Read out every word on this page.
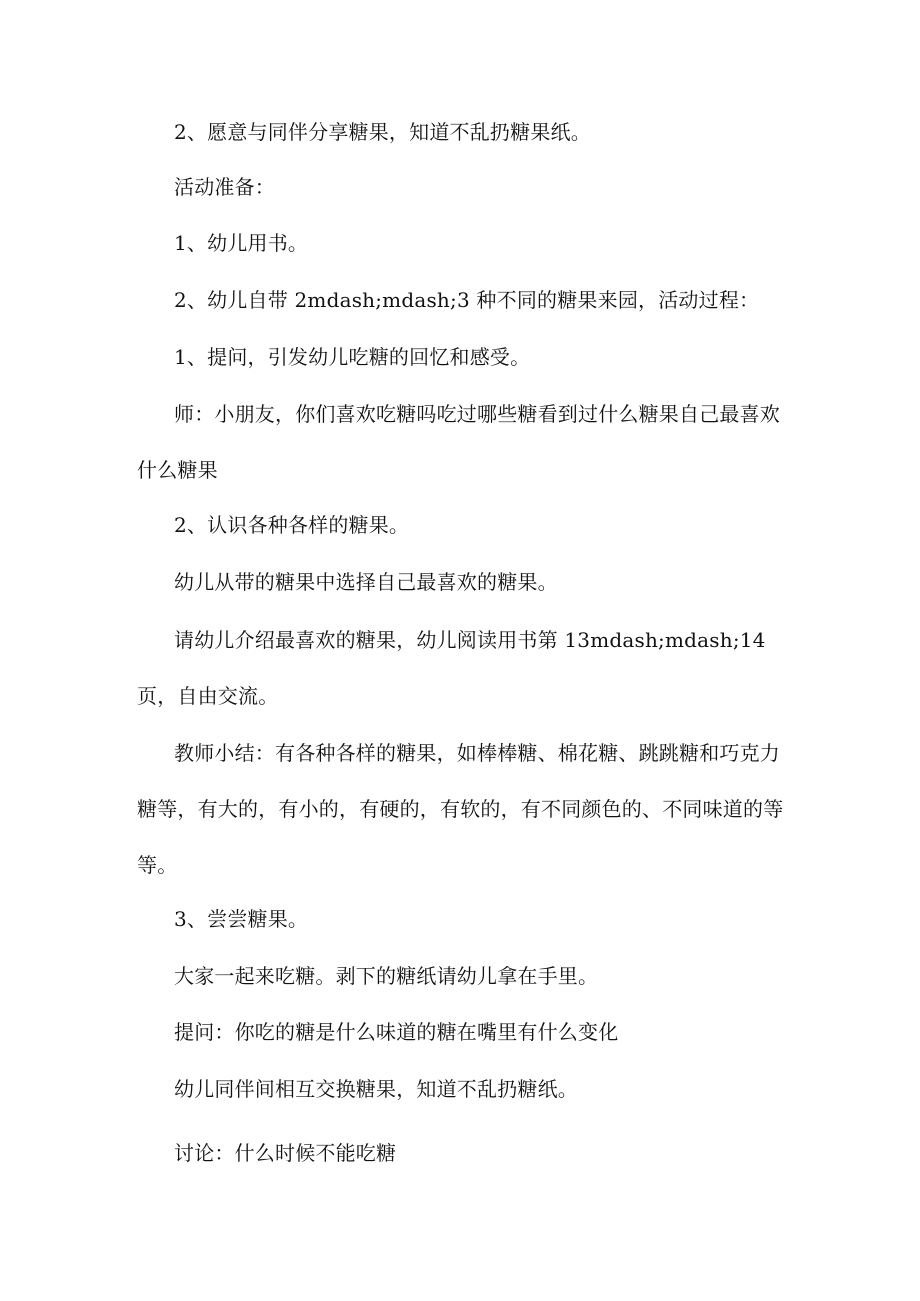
2、愿意与同伴分享糖果，知道不乱扔糖果纸。

活动准备：

1、幼儿用书。

2、幼儿自带 2mdash;mdash;3 种不同的糖果来园，活动过程：

1、提问，引发幼儿吃糖的回忆和感受。

师：小朋友，你们喜欢吃糖吗吃过哪些糖看到过什么糖果自己最喜欢什么糖果

2、认识各种各样的糖果。

幼儿从带的糖果中选择自己最喜欢的糖果。

请幼儿介绍最喜欢的糖果，幼儿阅读用书第 13mdash;mdash;14 页，自由交流。

教师小结：有各种各样的糖果，如棒棒糖、棉花糖、跳跳糖和巧克力糖等，有大的，有小的，有硬的，有软的，有不同颜色的、不同味道的等等。

3、尝尝糖果。

大家一起来吃糖。剥下的糖纸请幼儿拿在手里。

提问：你吃的糖是什么味道的糖在嘴里有什么变化

幼儿同伴间相互交换糖果，知道不乱扔糖纸。

讨论：什么时候不能吃糖
